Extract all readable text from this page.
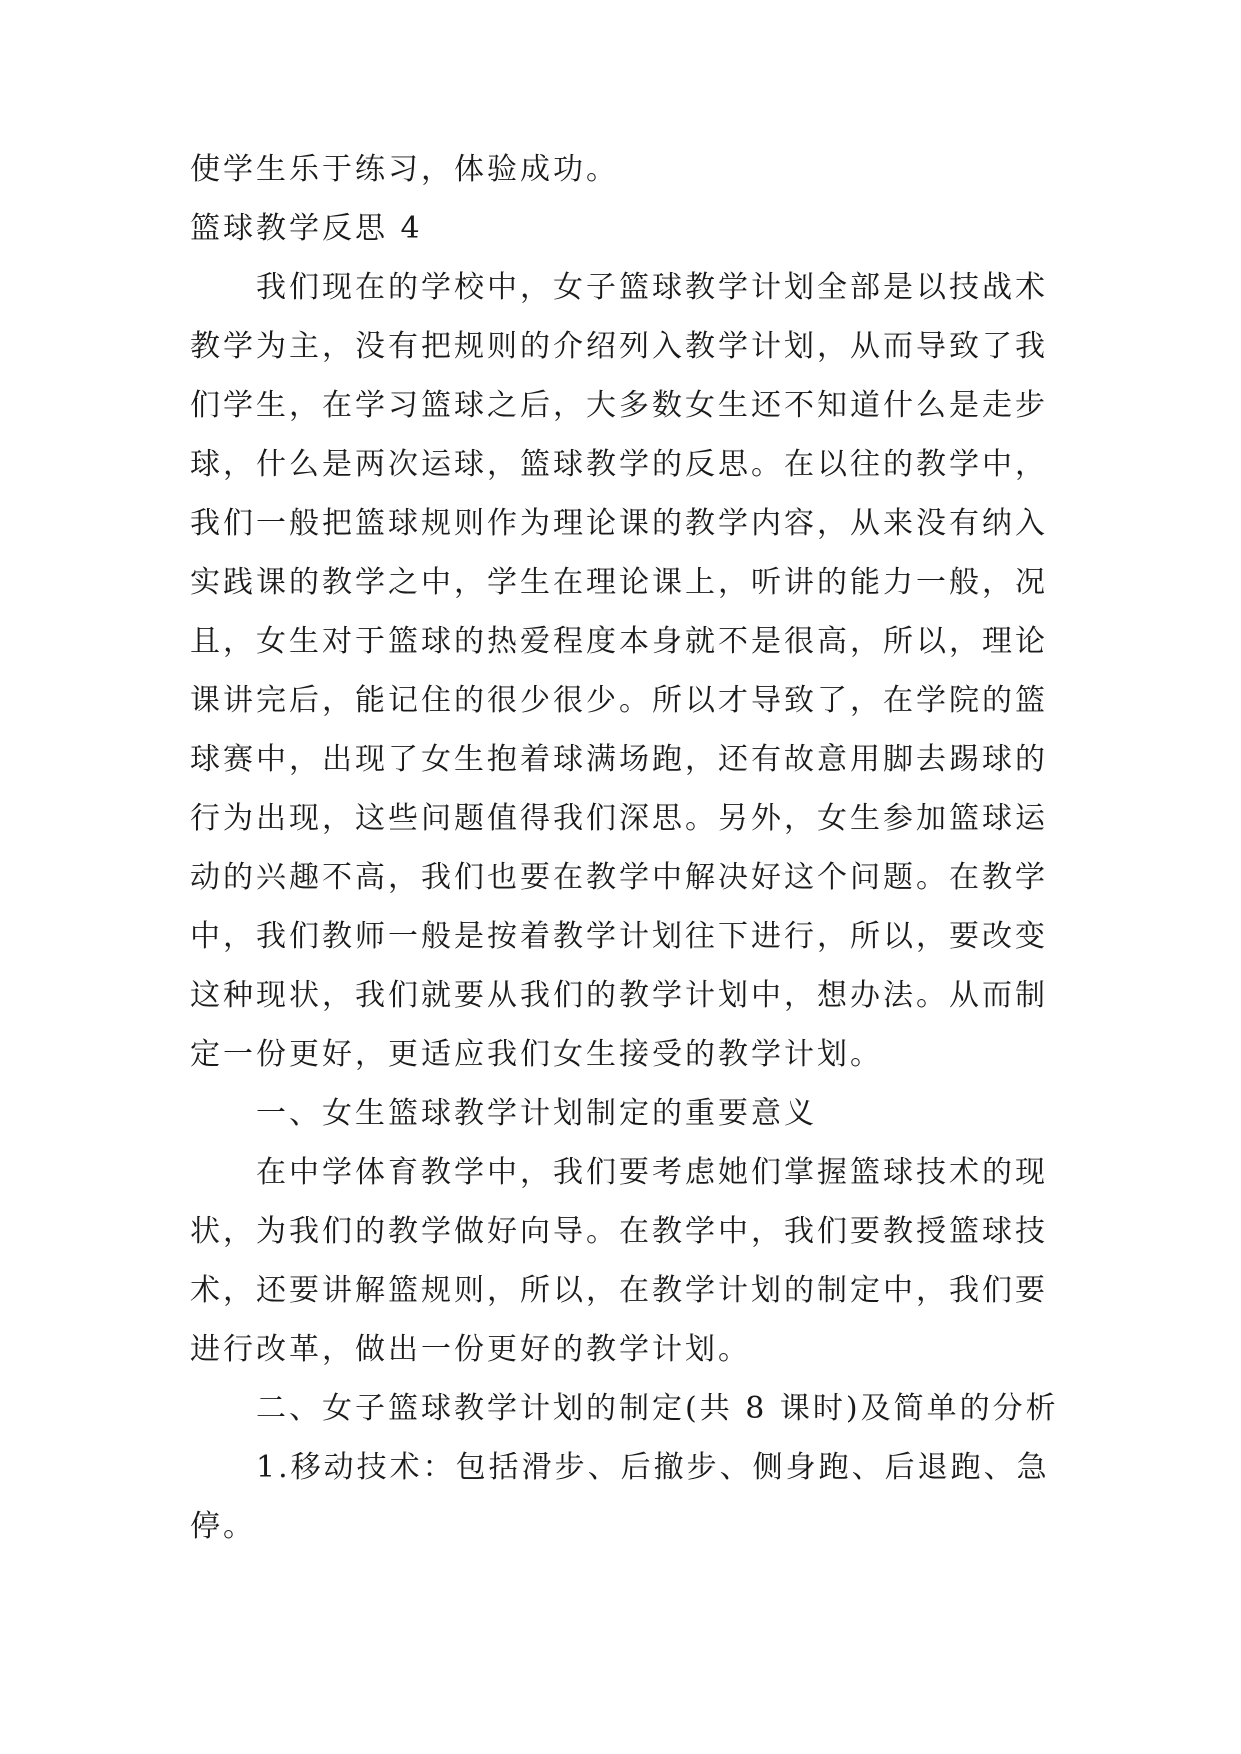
使学生乐于练习，体验成功。

篮球教学反思 4

我们现在的学校中，女子篮球教学计划全部是以技战术

教学为主，没有把规则的介绍列入教学计划，从而导致了我

们学生，在学习篮球之后，大多数女生还不知道什么是走步

球，什么是两次运球，篮球教学的反思。在以往的教学中，

我们一般把篮球规则作为理论课的教学内容，从来没有纳入

实践课的教学之中，学生在理论课上，听讲的能力一般，况

且，女生对于篮球的热爱程度本身就不是很高，所以，理论

课讲完后，能记住的很少很少。所以才导致了，在学院的篮

球赛中，出现了女生抱着球满场跑，还有故意用脚去踢球的

行为出现，这些问题值得我们深思。另外，女生参加篮球运

动的兴趣不高，我们也要在教学中解决好这个问题。在教学

中，我们教师一般是按着教学计划往下进行，所以，要改变

这种现状，我们就要从我们的教学计划中，想办法。从而制

定一份更好，更适应我们女生接受的教学计划。

一、女生篮球教学计划制定的重要意义

在中学体育教学中，我们要考虑她们掌握篮球技术的现

状，为我们的教学做好向导。在教学中，我们要教授篮球技

术，还要讲解篮规则，所以，在教学计划的制定中，我们要

进行改革，做出一份更好的教学计划。

二、女子篮球教学计划的制定(共 8 课时)及简单的分析

1.移动技术：包括滑步、后撤步、侧身跑、后退跑、急

停。
